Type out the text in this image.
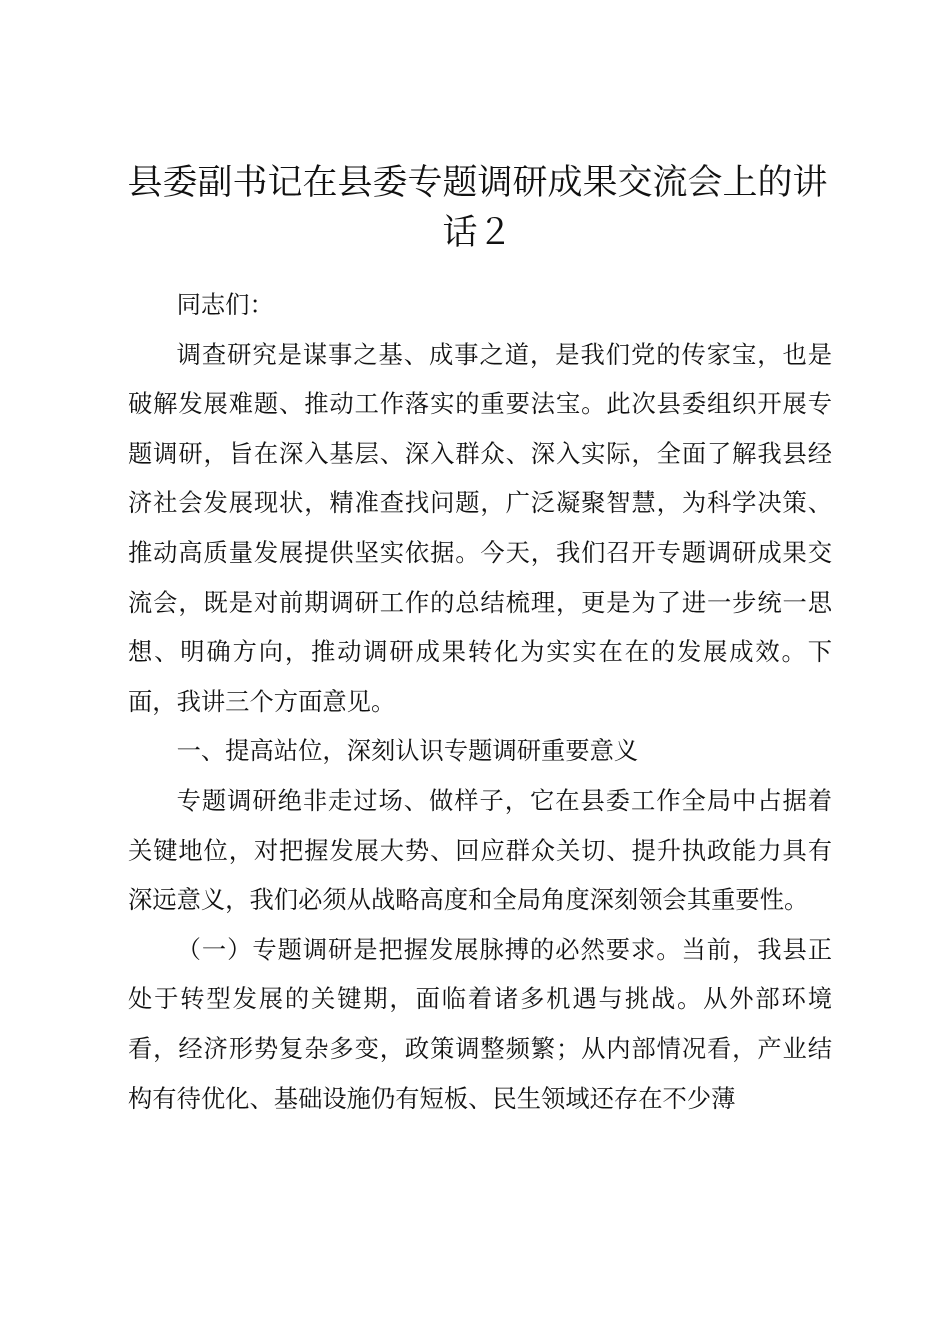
县委副书记在县委专题调研成果交流会上的讲话２

同志们：

调查研究是谋事之基、成事之道，是我们党的传家宝，也是破解发展难题、推动工作落实的重要法宝。此次县委组织开展专题调研，旨在深入基层、深入群众、深入实际，全面了解我县经济社会发展现状，精准查找问题，广泛凝聚智慧，为科学决策、推动高质量发展提供坚实依据。今天，我们召开专题调研成果交流会，既是对前期调研工作的总结梳理，更是为了进一步统一思想、明确方向，推动调研成果转化为实实在在的发展成效。下面，我讲三个方面意见。

一、提高站位，深刻认识专题调研重要意义

专题调研绝非走过场、做样子，它在县委工作全局中占据着关键地位，对把握发展大势、回应群众关切、提升执政能力具有深远意义，我们必须从战略高度和全局角度深刻领会其重要性。

（一）专题调研是把握发展脉搏的必然要求。当前，我县正处于转型发展的关键期，面临着诸多机遇与挑战。从外部环境看，经济形势复杂多变，政策调整频繁；从内部情况看，产业结构有待优化、基础设施仍有短板、民生领域还存在不少薄
